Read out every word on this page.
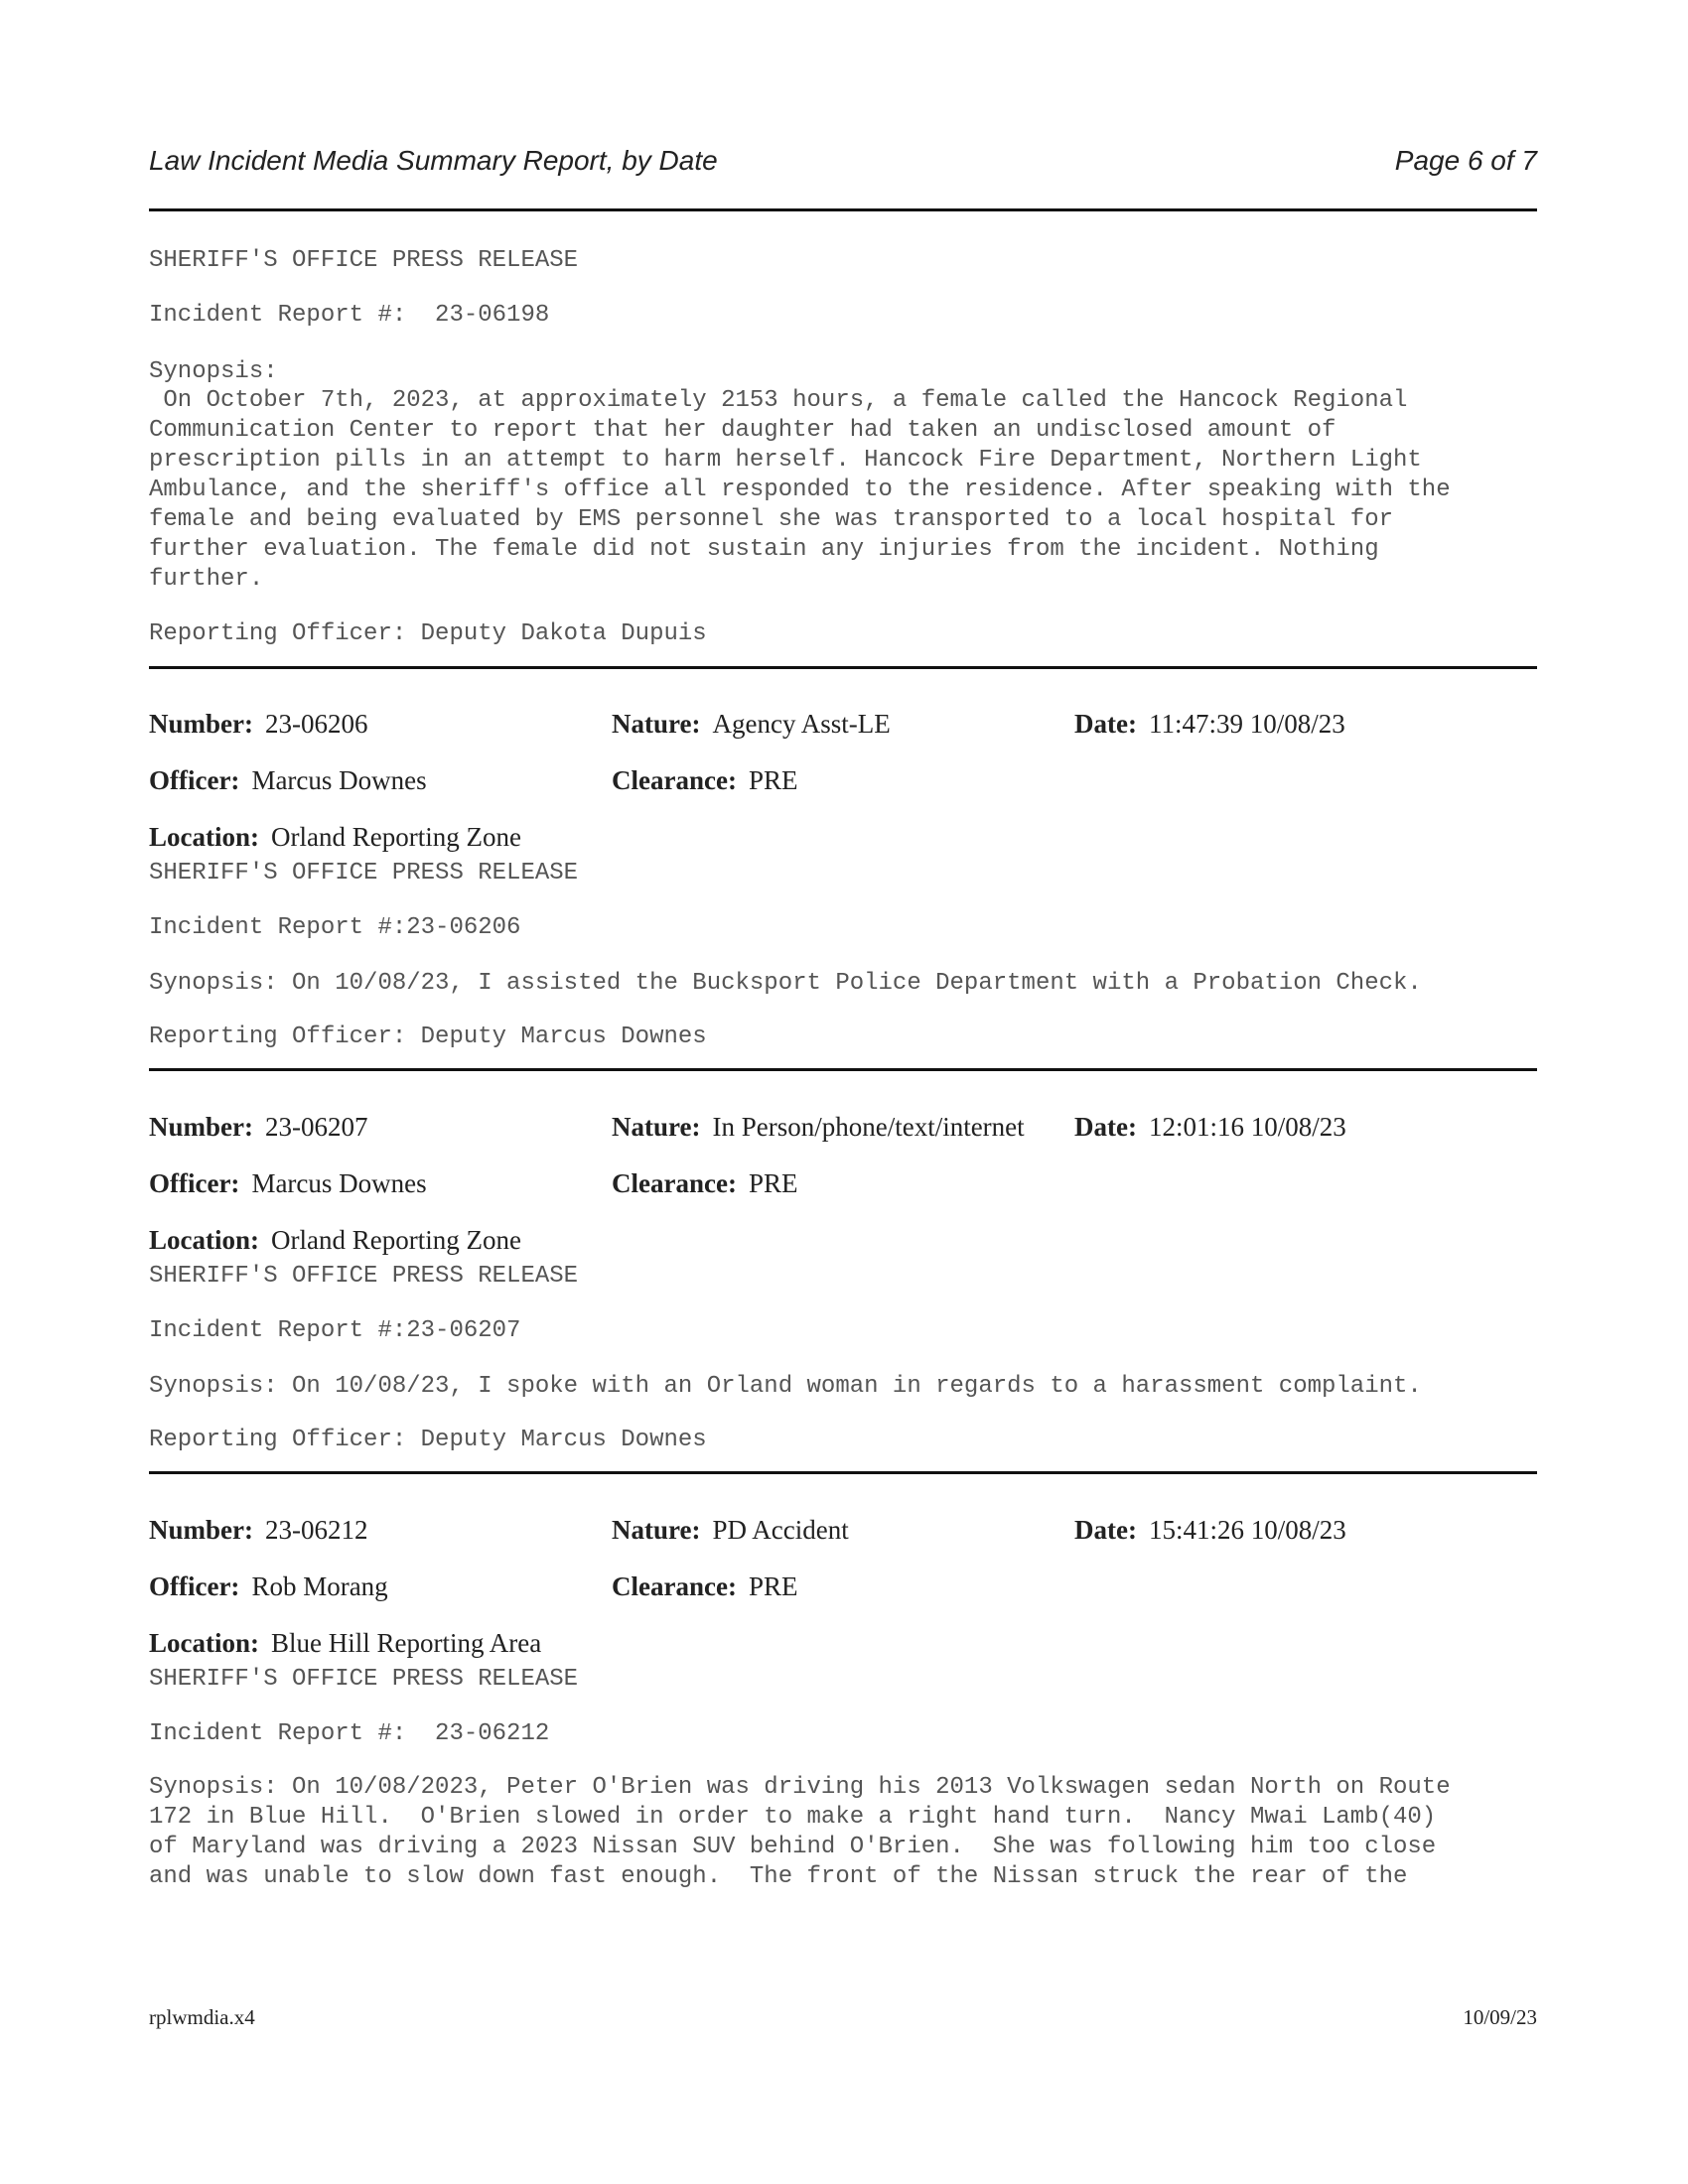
Law Incident Media Summary Report, by Date	Page 6 of 7
SHERIFF'S OFFICE PRESS RELEASE
Incident Report #:  23-06198
Synopsis:
On October 7th, 2023, at approximately 2153 hours, a female called the Hancock Regional
Communication Center to report that her daughter had taken an undisclosed amount of
prescription pills in an attempt to harm herself. Hancock Fire Department, Northern Light
Ambulance, and the sheriff's office all responded to the residence. After speaking with the
female and being evaluated by EMS personnel she was transported to a local hospital for
further evaluation. The female did not sustain any injuries from the incident. Nothing
further.
Reporting Officer: Deputy Dakota Dupuis
Number: 23-06206	Nature: Agency Asst-LE	Date: 11:47:39 10/08/23
Officer: Marcus Downes	Clearance: PRE
Location: Orland Reporting Zone
SHERIFF'S OFFICE PRESS RELEASE
Incident Report #:23-06206
Synopsis: On 10/08/23, I assisted the Bucksport Police Department with a Probation Check.
Reporting Officer: Deputy Marcus Downes
Number: 23-06207	Nature: In Person/phone/text/internet Date: 12:01:16 10/08/23
Officer: Marcus Downes	Clearance: PRE
Location: Orland Reporting Zone
SHERIFF'S OFFICE PRESS RELEASE
Incident Report #:23-06207
Synopsis: On 10/08/23, I spoke with an Orland woman in regards to a harassment complaint.
Reporting Officer: Deputy Marcus Downes
Number: 23-06212	Nature: PD Accident	Date: 15:41:26 10/08/23
Officer: Rob Morang	Clearance: PRE
Location: Blue Hill Reporting Area
SHERIFF'S OFFICE PRESS RELEASE
Incident Report #:  23-06212
Synopsis: On 10/08/2023, Peter O'Brien was driving his 2013 Volkswagen sedan North on Route
172 in Blue Hill.  O'Brien slowed in order to make a right hand turn.  Nancy Mwai Lamb(40)
of Maryland was driving a 2023 Nissan SUV behind O'Brien.  She was following him too close
and was unable to slow down fast enough.  The front of the Nissan struck the rear of the
rplwmdia.x4	10/09/23
